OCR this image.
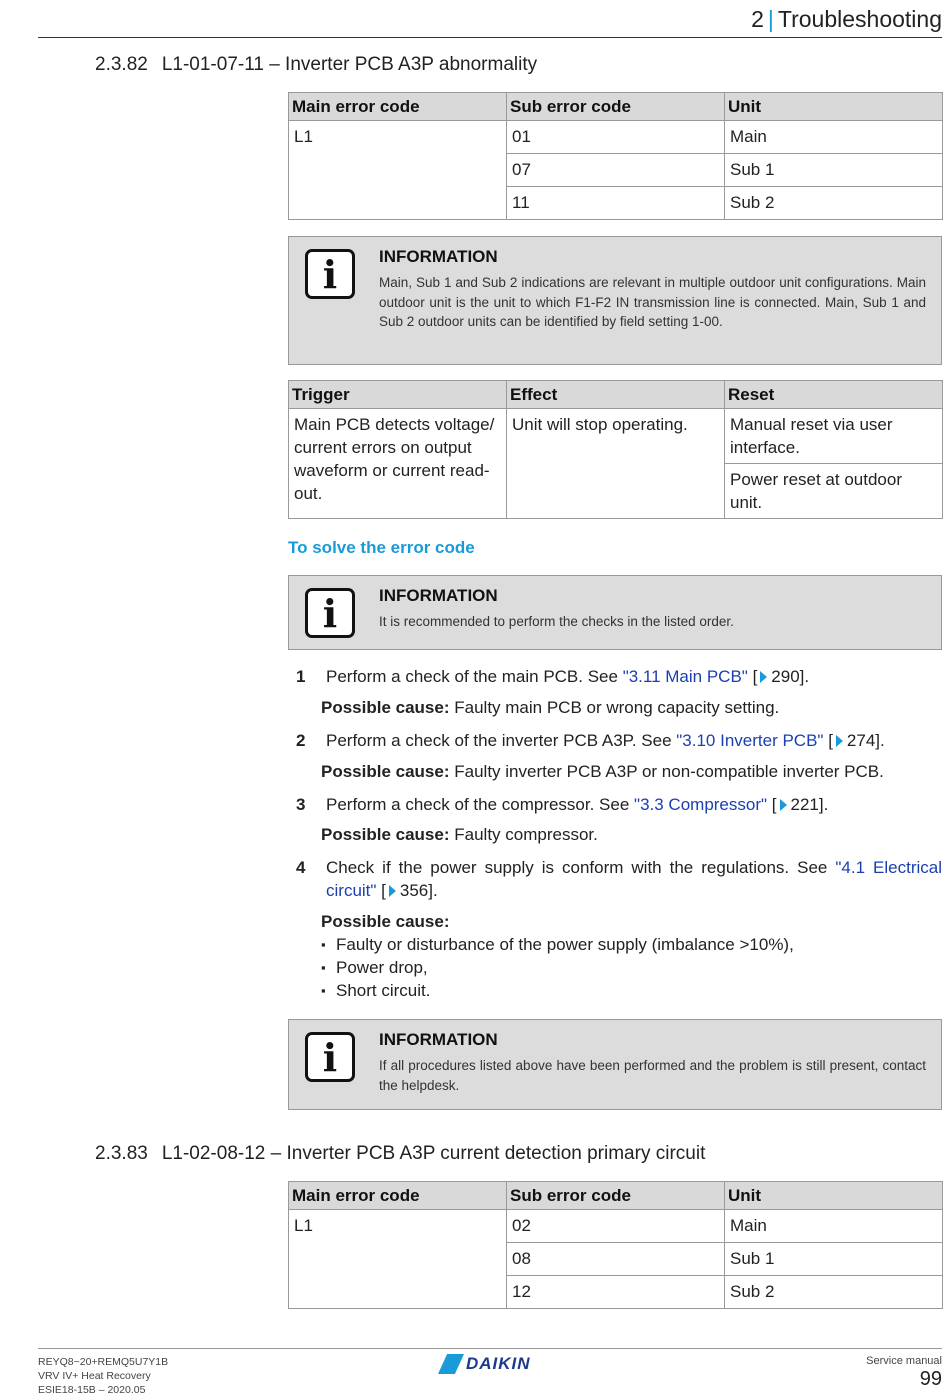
2 | Troubleshooting
2.3.82 L1-01-07-11 – Inverter PCB A3P abnormality
Main error code	Sub error code	Unit
L1	01	Main
	07	Sub 1
	11	Sub 2
i	INFORMATION
Main, Sub 1 and Sub 2 indications are relevant in multiple outdoor unit configurations. Main outdoor unit is the unit to which F1-F2 IN transmission line is connected. Main, Sub 1 and Sub 2 outdoor units can be identified by field setting 1-00.
Trigger	Effect	Reset
Main PCB detects voltage/ current errors on output waveform or current read-out.	Unit will stop operating.	Manual reset via user interface.
		Power reset at outdoor unit.
To solve the error code
i	INFORMATION
It is recommended to perform the checks in the listed order.
1 Perform a check of the main PCB. See "3.11 Main PCB" [ 290].
Possible cause: Faulty main PCB or wrong capacity setting.
2 Perform a check of the inverter PCB A3P. See "3.10 Inverter PCB" [ 274].
Possible cause: Faulty inverter PCB A3P or non-compatible inverter PCB.
3 Perform a check of the compressor. See "3.3 Compressor" [ 221].
Possible cause: Faulty compressor.
4 Check if the power supply is conform with the regulations. See "4.1 Electrical circuit" [ 356].
Possible cause:
▪ Faulty or disturbance of the power supply (imbalance >10%),
▪ Power drop,
▪ Short circuit.
i	INFORMATION
If all procedures listed above have been performed and the problem is still present, contact the helpdesk.
2.3.83 L1-02-08-12 – Inverter PCB A3P current detection primary circuit
Main error code	Sub error code	Unit
L1	02	Main
	08	Sub 1
	12	Sub 2
REYQ8~20+REMQ5U7Y1B
VRV IV+ Heat Recovery
ESIE18-15B – 2020.05
DAIKIN	Service manual
99
